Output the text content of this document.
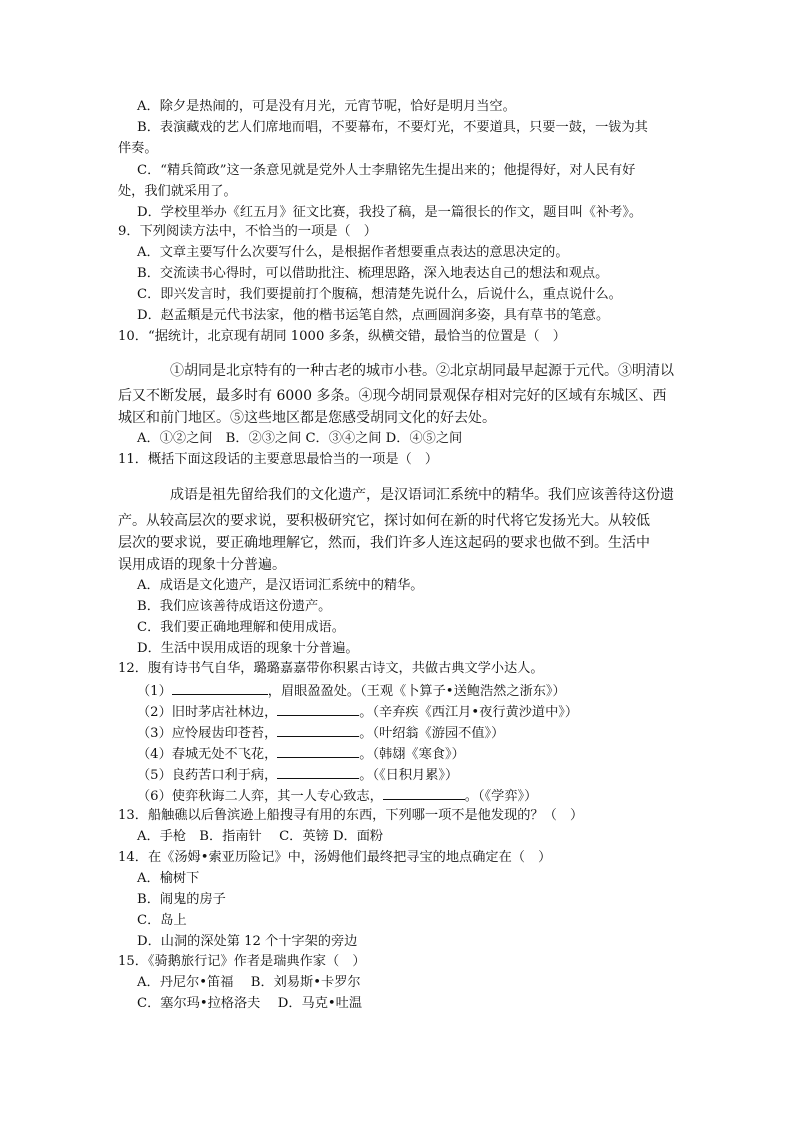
A．除夕是热闹的，可是没有月光，元宵节呢，恰好是明月当空。
B．表演藏戏的艺人们席地而唱，不要幕布，不要灯光，不要道具，只要一鼓，一钹为其
伴奏。
C．“精兵简政”这一条意见就是党外人士李鼎铭先生提出来的；他提得好，对人民有好
处，我们就采用了。
D．学校里举办《红五月》征文比赛，我投了稿，是一篇很长的作文，题目叫《补考》。
9．下列阅读方法中，不恰当的一项是（　）
A．文章主要写什么次要写什么，是根据作者想要重点表达的意思决定的。
B．交流读书心得时，可以借助批注、梳理思路，深入地表达自己的想法和观点。
C．即兴发言时，我们要提前打个腹稿，想清楚先说什么，后说什么，重点说什么。
D．赵孟頫是元代书法家，他的楷书运笔自然，点画圆润多姿，具有草书的笔意。
10．“据统计，北京现有胡同 1000 多条，纵横交错，最恰当的位置是（　）
①胡同是北京特有的一种古老的城市小巷。②北京胡同最早起源于元代。③明清以
后又不断发展，最多时有 6000 多条。④现今胡同景观保存相对完好的区域有东城区、西
城区和前门地区。⑤这些地区都是您感受胡同文化的好去处。
A．①②之间　B．②③之间 C．③④之间 D．④⑤之间
11．概括下面这段话的主要意思最恰当的一项是（　）
成语是祖先留给我们的文化遗产，是汉语词汇系统中的精华。我们应该善待这份遗
产。从较高层次的要求说，要积极研究它，探讨如何在新的时代将它发扬光大。从较低
层次的要求说，要正确地理解它，然而，我们许多人连这起码的要求也做不到。生活中
误用成语的现象十分普遍。
A．成语是文化遗产，是汉语词汇系统中的精华。
B．我们应该善待成语这份遗产。
C．我们要正确地理解和使用成语。
D．生活中误用成语的现象十分普遍。
12．腹有诗书气自华，璐璐嘉嘉带你积累古诗文，共做古典文学小达人。
（1）	，眉眼盈盈处。（王观《卜算子•送鲍浩然之浙东》）
（2）旧时茅店社林边，	。（辛弃疾《西江月•夜行黄沙道中》）
（3）应怜屐齿印苍苔，	。（叶绍翁《游园不值》）
（4）春城无处不飞花，	。（韩翃《寒食》）
（5）良药苦口利于病，	。（《日积月累》）
（6）使弈秋诲二人弈，其一人专心致志，	。（《学弈》）
13．船触礁以后鲁滨逊上船搜寻有用的东西，下列哪一项不是他发现的？（　）
A．手枪　B．指南针　 C．英镑 D．面粉
14．在《汤姆•索亚历险记》中，汤姆他们最终把寻宝的地点确定在（　）
A．榆树下
B．闹鬼的房子
C．岛上
D．山洞的深处第 12 个十字架的旁边
15．《骑鹅旅行记》作者是瑞典作家（　）
A．丹尼尔•笛福　 B．刘易斯•卡罗尔
C．塞尔玛•拉格洛夫　 D．马克•吐温
